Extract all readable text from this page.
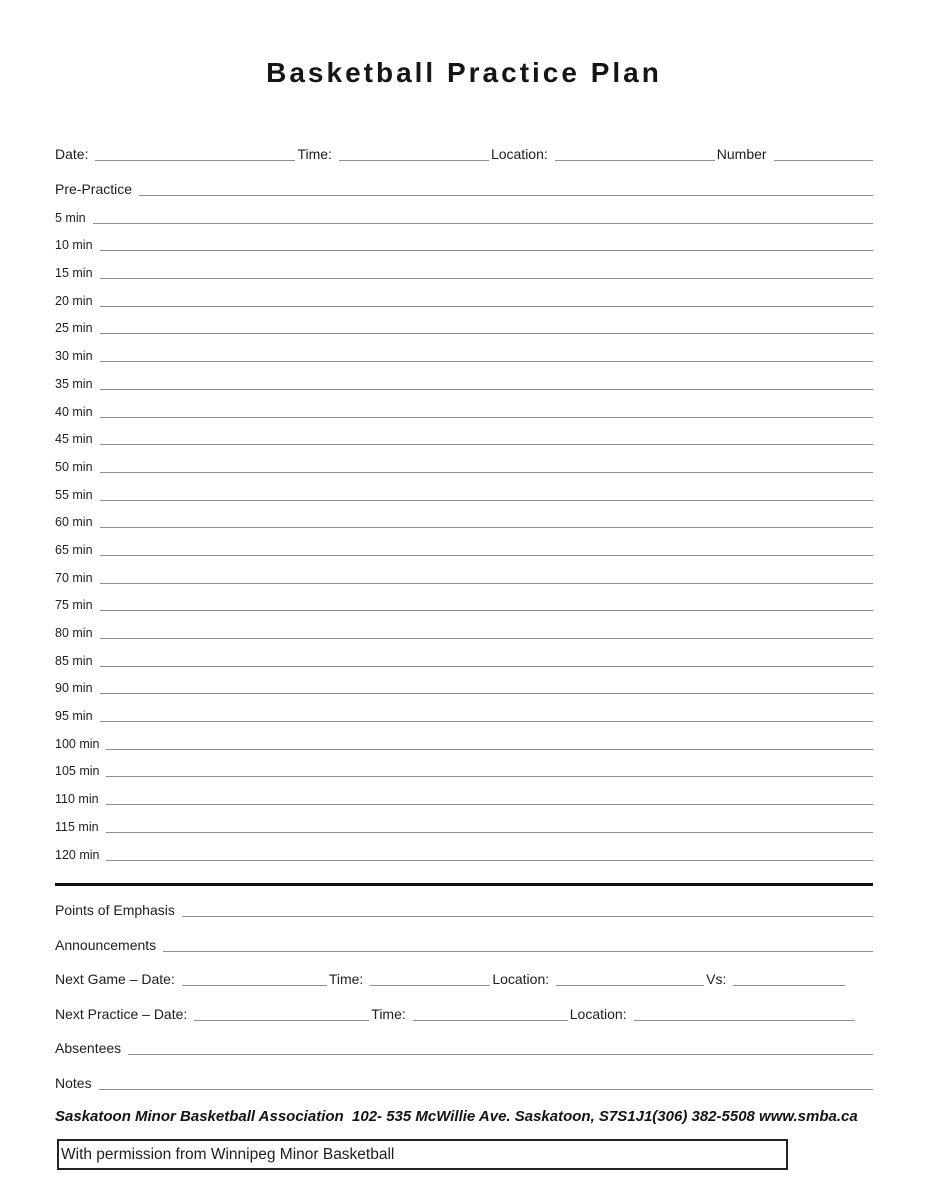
Basketball Practice Plan
Date:	Time:	Location:	Number
Pre-Practice
5 min
10 min
15 min
20 min
25 min
30 min
35 min
40 min
45 min
50 min
55 min
60 min
65 min
70 min
75 min
80 min
85 min
90 min
95 min
100 min
105 min
110 min
115 min
120 min
Points of Emphasis
Announcements
Next Game – Date:	Time:	Location:	Vs:
Next Practice – Date:	Time:	Location:
Absentees
Notes
Saskatoon Minor Basketball Association  102- 535 McWillie Ave. Saskatoon, S7S1J1(306) 382-5508 www.smba.ca
With permission from Winnipeg Minor Basketball
